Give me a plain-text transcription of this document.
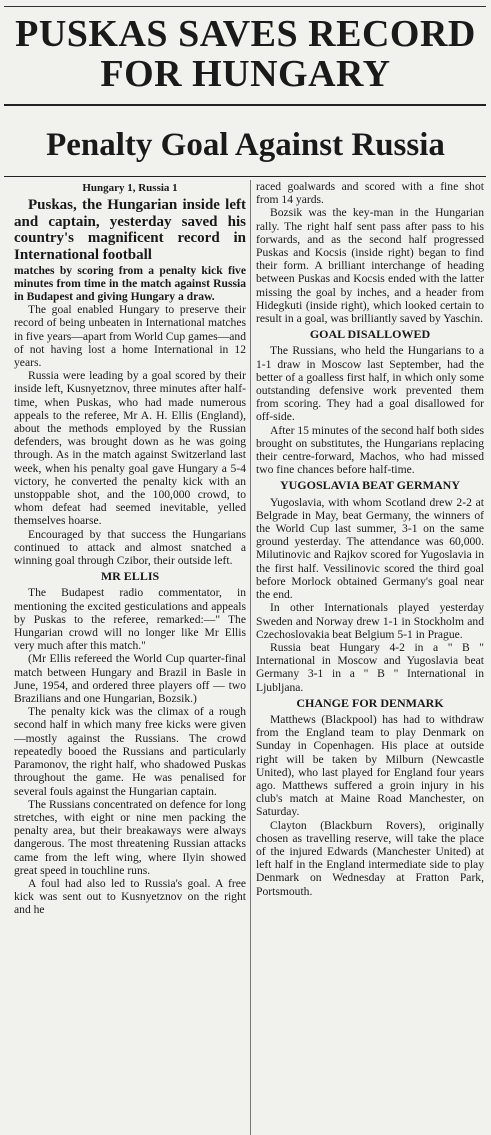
PUSKAS SAVES RECORD
FOR HUNGARY
Penalty Goal Against Russia

Hungary 1, Russia 1

Puskas, the Hungarian inside left and captain, yesterday saved his country's magnificent record in International football

matches by scoring from a penalty kick five minutes from time in the match against Russia in Budapest and giving Hungary a draw.

The goal enabled Hungary to preserve their record of being unbeaten in International matches in five years—apart from World Cup games—and of not having lost a home International in 12 years.

Russia were leading by a goal scored by their inside left, Kusnyetznov, three minutes after half-time, when Puskas, who had made numerous appeals to the referee, Mr A. H. Ellis (England), about the methods employed by the Russian defenders, was brought down as he was going through. As in the match against Switzerland last week, when his penalty goal gave Hungary a 5-4 victory, he converted the penalty kick with an unstoppable shot, and the 100,000 crowd, to whom defeat had seemed inevitable, yelled themselves hoarse.

Encouraged by that success the Hungarians continued to attack and almost snatched a winning goal through Czibor, their outside left.

MR ELLIS

The Budapest radio commentator, in mentioning the excited gesticulations and appeals by Puskas to the referee, remarked:—" The Hungarian crowd will no longer like Mr Ellis very much after this match."

(Mr Ellis refereed the World Cup quarter-final match between Hungary and Brazil in Basle in June, 1954, and ordered three players off — two Brazilians and one Hungarian, Bozsik.)

The penalty kick was the climax of a rough second half in which many free kicks were given—mostly against the Russians. The crowd repeatedly booed the Russians and particularly Paramonov, the right half, who shadowed Puskas throughout the game. He was penalised for several fouls against the Hungarian captain.

The Russians concentrated on defence for long stretches, with eight or nine men packing the penalty area, but their breakaways were always dangerous. The most threatening Russian attacks came from the left wing, where Ilyin showed great speed in touchline runs.

A foul had also led to Russia's goal. A free kick was sent out to Kusnyetznov on the right and he

raced goalwards and scored with a fine shot from 14 yards.

Bozsik was the key-man in the Hungarian rally. The right half sent pass after pass to his forwards, and as the second half progressed Puskas and Kocsis (inside right) began to find their form. A brilliant interchange of heading between Puskas and Kocsis ended with the latter missing the goal by inches, and a header from Hidegkuti (inside right), which looked certain to result in a goal, was brilliantly saved by Yaschin.

GOAL DISALLOWED

The Russians, who held the Hungarians to a 1-1 draw in Moscow last September, had the better of a goalless first half, in which only some outstanding defensive work prevented them from scoring. They had a goal disallowed for off-side.

After 15 minutes of the second half both sides brought on substitutes, the Hungarians replacing their centre-forward, Machos, who had missed two fine chances before half-time.

YUGOSLAVIA BEAT GERMANY

Yugoslavia, with whom Scotland drew 2-2 at Belgrade in May, beat Germany, the winners of the World Cup last summer, 3-1 on the same ground yesterday. The attendance was 60,000. Milutinovic and Rajkov scored for Yugoslavia in the first half. Vessilinovic scored the third goal before Morlock obtained Germany's goal near the end.

In other Internationals played yesterday Sweden and Norway drew 1-1 in Stockholm and Czechoslovakia beat Belgium 5-1 in Prague.

Russia beat Hungary 4-2 in a " B " International in Moscow and Yugoslavia beat Germany 3-1 in a " B " International in Ljubljana.

CHANGE FOR DENMARK

Matthews (Blackpool) has had to withdraw from the England team to play Denmark on Sunday in Copenhagen. His place at outside right will be taken by Milburn (Newcastle United), who last played for England four years ago. Matthews suffered a groin injury in his club's match at Maine Road Manchester, on Saturday.

Clayton (Blackburn Rovers), originally chosen as travelling reserve, will take the place of the injured Edwards (Manchester United) at left half in the England intermediate side to play Denmark on Wednesday at Fratton Park, Portsmouth.
